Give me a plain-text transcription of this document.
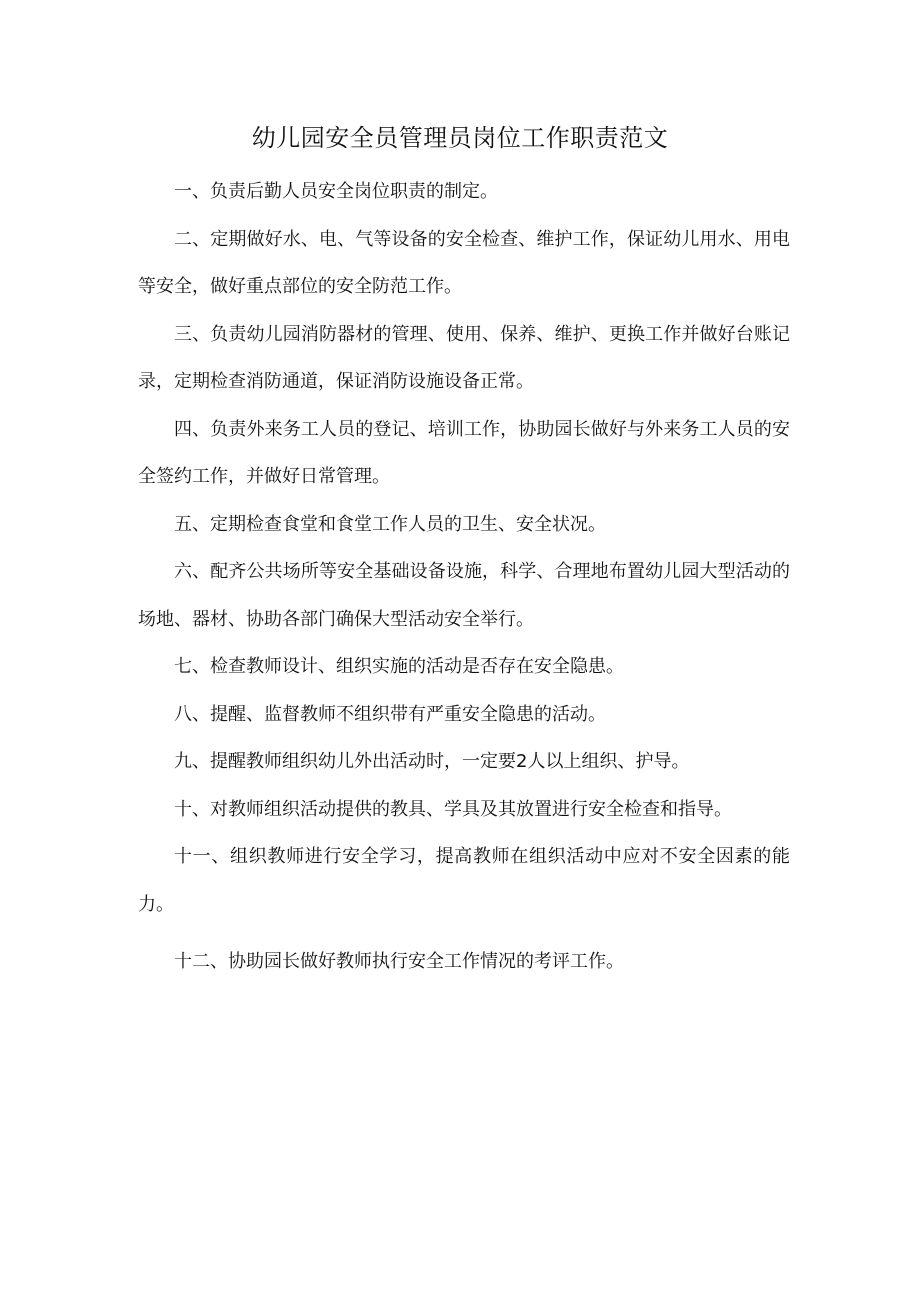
幼儿园安全员管理员岗位工作职责范文

一、负责后勤人员安全岗位职责的制定。

二、定期做好水、电、气等设备的安全检查、维护工作，保证幼儿用水、用电等安全，做好重点部位的安全防范工作。

三、负责幼儿园消防器材的管理、使用、保养、维护、更换工作并做好台账记录，定期检查消防通道，保证消防设施设备正常。

四、负责外来务工人员的登记、培训工作，协助园长做好与外来务工人员的安全签约工作，并做好日常管理。

五、定期检查食堂和食堂工作人员的卫生、安全状况。

六、配齐公共场所等安全基础设备设施，科学、合理地布置幼儿园大型活动的场地、器材、协助各部门确保大型活动安全举行。

七、检查教师设计、组织实施的活动是否存在安全隐患。

八、提醒、监督教师不组织带有严重安全隐患的活动。

九、提醒教师组织幼儿外出活动时，一定要2人以上组织、护导。

十、对教师组织活动提供的教具、学具及其放置进行安全检查和指导。

十一、组织教师进行安全学习，提高教师在组织活动中应对不安全因素的能力。

十二、协助园长做好教师执行安全工作情况的考评工作。
